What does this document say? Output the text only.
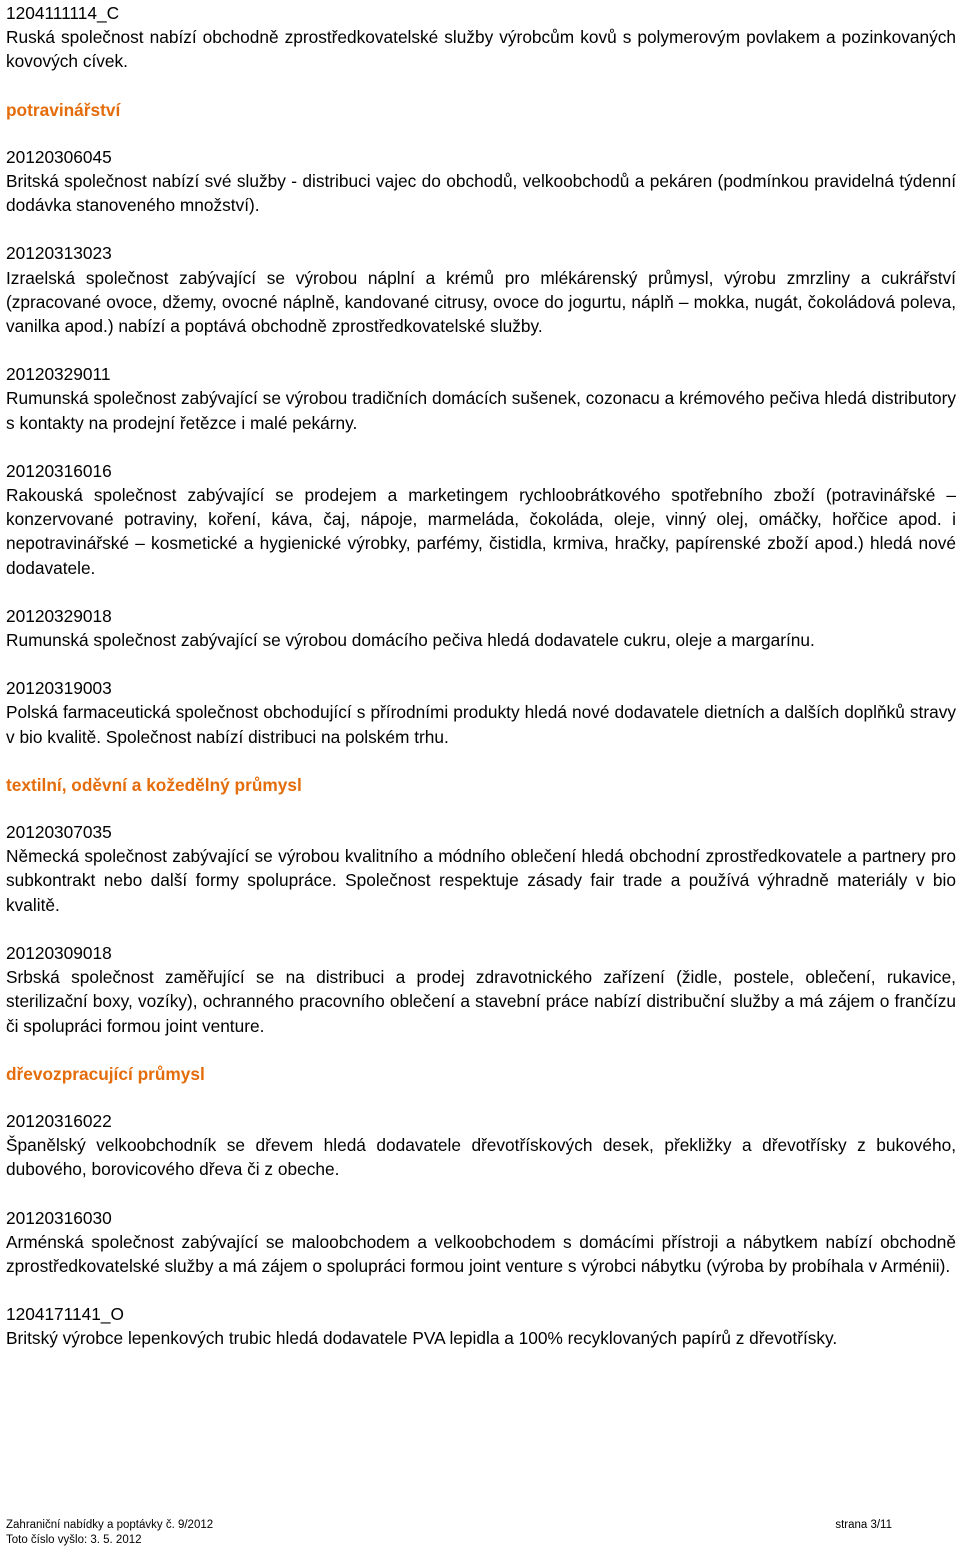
1204111114_C
Ruská společnost nabízí obchodně zprostředkovatelské služby výrobcům kovů s polymerovým povlakem a pozinkovaných kovových cívek.
potravinářství
20120306045
Britská společnost nabízí své služby - distribuci vajec do obchodů, velkoobchodů a pekáren (podmínkou pravidelná týdenní dodávka stanoveného množství).
20120313023
Izraelská společnost zabývající se výrobou náplní a krémů pro mlékárenský průmysl, výrobu zmrzliny a cukrářství (zpracované ovoce, džemy, ovocné náplně, kandované citrusy, ovoce do jogurtu, náplň – mokka, nugát, čokoládová poleva, vanilka apod.) nabízí a poptává obchodně zprostředkovatelské služby.
20120329011
Rumunská společnost zabývající se výrobou tradičních domácích sušenek, cozonacu a krémového pečiva hledá distributory s kontakty na prodejní řetězce i malé pekárny.
20120316016
Rakouská společnost zabývající se prodejem a marketingem rychloobrátkového spotřebního zboží (potravinářské – konzervované potraviny, koření, káva, čaj, nápoje, marmeláda, čokoláda, oleje, vinný olej, omáčky, hořčice apod. i nepotravinářské – kosmetické a hygienické výrobky, parfémy, čistidla, krmiva, hračky, papírenské zboží apod.) hledá nové dodavatele.
20120329018
Rumunská společnost zabývající se výrobou domácího pečiva hledá dodavatele cukru, oleje a margarínu.
20120319003
Polská farmaceutická společnost obchodující s přírodními produkty hledá nové dodavatele dietních a dalších doplňků stravy v bio kvalitě. Společnost nabízí distribuci na polském trhu.
textilní, oděvní a kožedělný průmysl
20120307035
Německá společnost zabývající se výrobou kvalitního a módního oblečení hledá obchodní zprostředkovatele a partnery pro subkontrakt nebo další formy spolupráce. Společnost respektuje zásady fair trade a používá výhradně materiály v bio kvalitě.
20120309018
Srbská společnost zaměřující se na distribuci a prodej zdravotnického zařízení (židle, postele, oblečení, rukavice, sterilizační boxy, vozíky), ochranného pracovního oblečení a stavební práce nabízí distribuční služby a má zájem o frančízu či spolupráci formou joint venture.
dřevozpracující průmysl
20120316022
Španělský velkoobchodník se dřevem hledá dodavatele dřevotřískových desek, překližky a dřevotřísky z bukového, dubového, borovicového dřeva či z obeche.
20120316030
Arménská společnost zabývající se maloobchodem a velkoobchodem s domácími přístroji a nábytkem nabízí obchodně zprostředkovatelské služby a má zájem o spolupráci formou joint venture s výrobci nábytku (výroba by probíhala v Arménii).
1204171141_O
Britský výrobce lepenkových trubic hledá dodavatele PVA lepidla a 100% recyklovaných papírů z dřevotřísky.
Zahraniční nabídky a poptávky č. 9/2012	strana 3/11
Toto číslo vyšlo: 3. 5. 2012
